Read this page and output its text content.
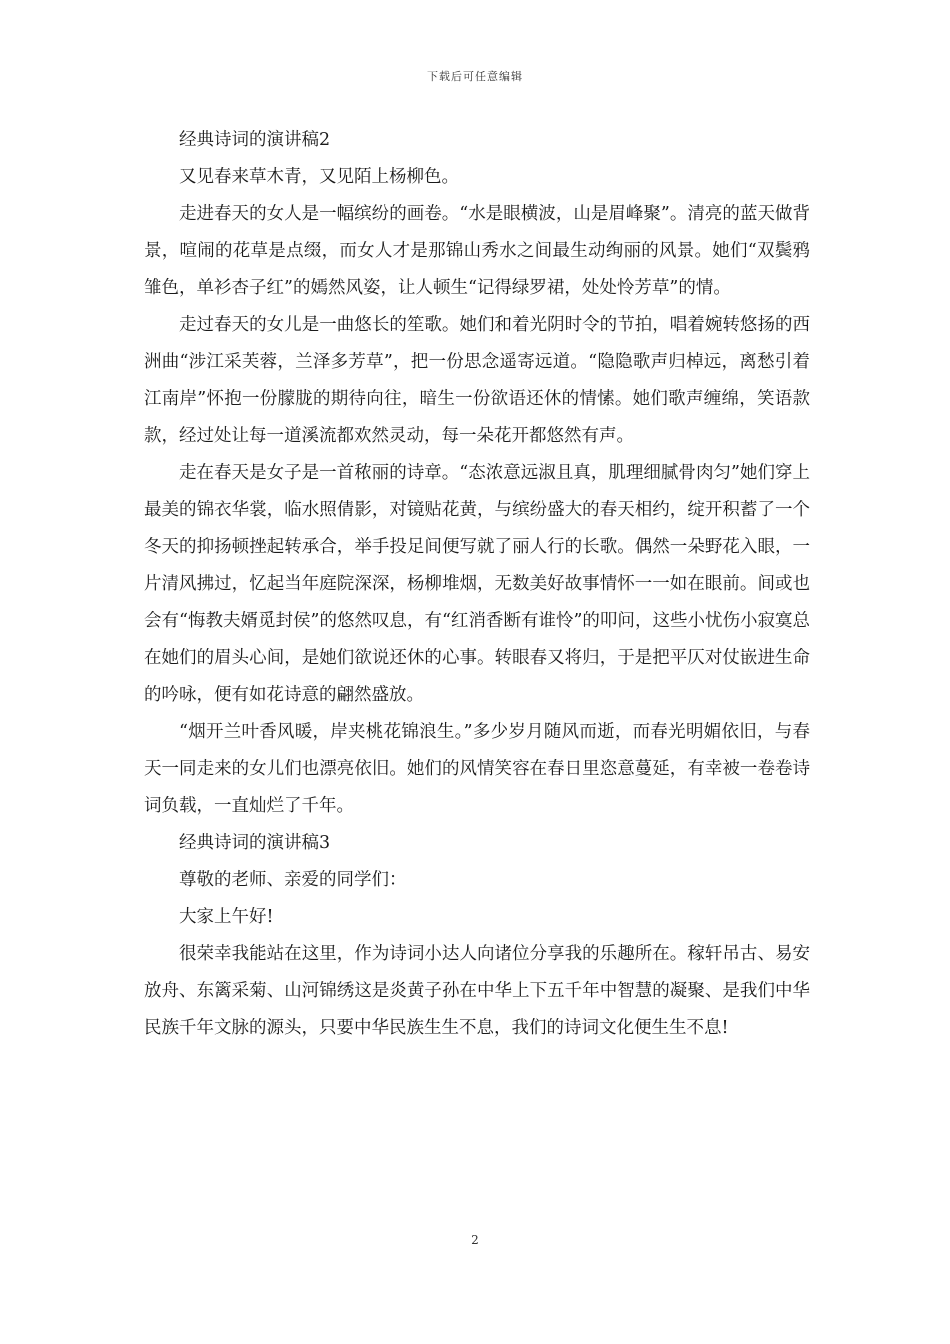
下载后可任意编辑

经典诗词的演讲稿2

又见春来草木青，又见陌上杨柳色。

走进春天的女人是一幅缤纷的画卷。“水是眼横波，山是眉峰聚”。清亮的蓝天做背景，喧闹的花草是点缀，而女人才是那锦山秀水之间最生动绚丽的风景。她们“双鬓鸦雏色，单衫杏子红”的嫣然风姿，让人顿生“记得绿罗裙，处处怜芳草”的情。

走过春天的女儿是一曲悠长的笙歌。她们和着光阴时令的节拍，唱着婉转悠扬的西洲曲“涉江采芙蓉，兰泽多芳草”，把一份思念遥寄远道。“隐隐歌声归棹远，离愁引着江南岸”怀抱一份朦胧的期待向往，暗生一份欲语还休的情愫。她们歌声缠绵，笑语款款，经过处让每一道溪流都欢然灵动，每一朵花开都悠然有声。

走在春天是女子是一首秾丽的诗章。“态浓意远淑且真，肌理细腻骨肉匀”她们穿上最美的锦衣华裳，临水照倩影，对镜贴花黄，与缤纷盛大的春天相约，绽开积蓄了一个冬天的抑扬顿挫起转承合，举手投足间便写就了丽人行的长歌。偶然一朵野花入眼，一片清风拂过，忆起当年庭院深深，杨柳堆烟，无数美好故事情怀一一如在眼前。间或也会有“悔教夫婿觅封侯”的悠然叹息，有“红消香断有谁怜”的叩问，这些小忧伤小寂寞总在她们的眉头心间，是她们欲说还休的心事。转眼春又将归，于是把平仄对仗嵌进生命的吟咏，便有如花诗意的翩然盛放。

“烟开兰叶香风暖，岸夹桃花锦浪生。”多少岁月随风而逝，而春光明媚依旧，与春天一同走来的女儿们也漂亮依旧。她们的风情笑容在春日里恣意蔓延，有幸被一卷卷诗词负载，一直灿烂了千年。

经典诗词的演讲稿3

尊敬的老师、亲爱的同学们：

大家上午好!

很荣幸我能站在这里，作为诗词小达人向诸位分享我的乐趣所在。稼轩吊古、易安放舟、东篱采菊、山河锦绣这是炎黄子孙在中华上下五千年中智慧的凝聚、是我们中华民族千年文脉的源头，只要中华民族生生不息，我们的诗词文化便生生不息!

2
